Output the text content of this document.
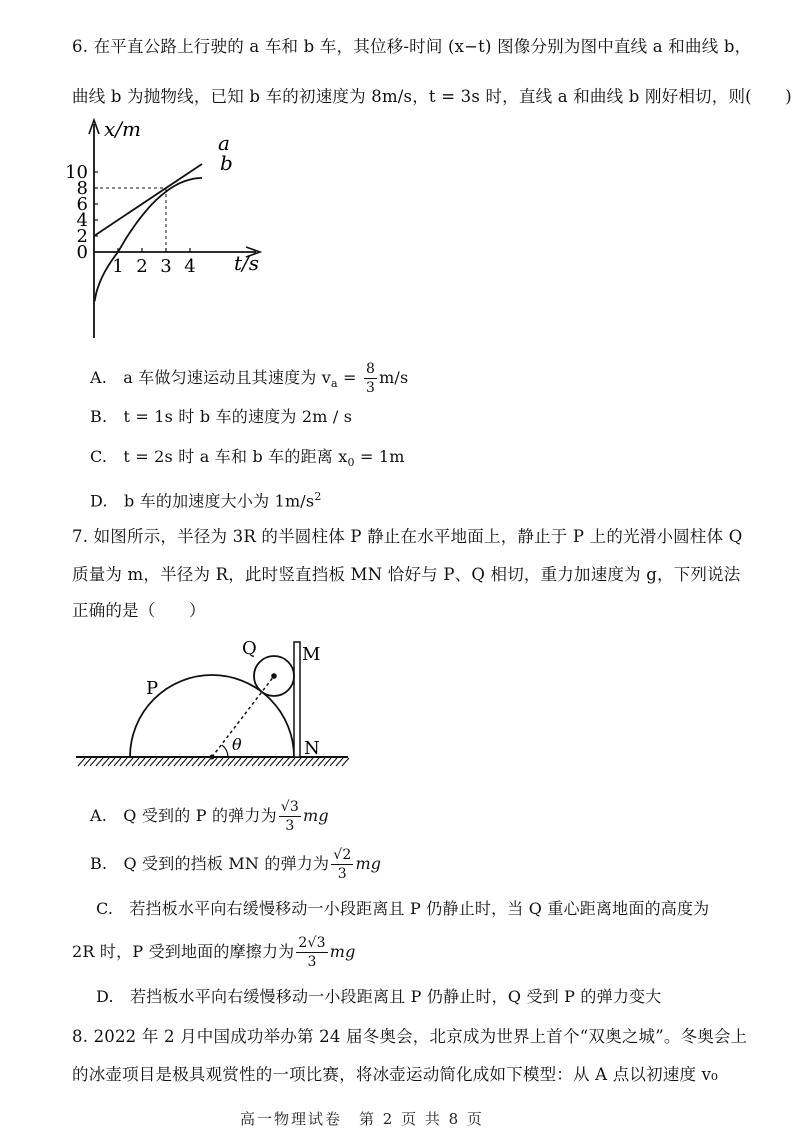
6. 在平直公路上行驶的 a 车和 b 车，其位移-时间 (x−t) 图像分别为图中直线 a 和曲线 b，
曲线 b 为抛物线，已知 b 车的初速度为 8m/s，t = 3s 时，直线 a 和曲线 b 刚好相切，则(　　)
0
2
4
6
8
10
1 2 3 4
x/m
t/s
a
b
A.　a 车做匀速运动且其速度为 $v_a = \frac{8}{3} m/s$
B.　t = 1s 时 b 车的速度为 2m / s
C.　t = 2s 时 a 车和 b 车的距离 $x_0 = 1m$
D.　b 车的加速度大小为 $1m/s^2$
7. 如图所示，半径为 3R 的半圆柱体 P 静止在水平地面上，静止于 P 上的光滑小圆柱体 Q
质量为 m，半径为 R，此时竖直挡板 MN 恰好与 P、Q 相切，重力加速度为 g，下列说法
正确的是（　　）
P
Q	M
N
θ
A.　Q 受到的 P 的弹力为 $\frac{√3}{3}$ mg
B.　Q 受到的挡板 MN 的弹力为 $\frac{√2}{3}$ mg
C.　若挡板水平向右缓慢移动一小段距离且 P 仍静止时，当 Q 重心距离地面的高度为
2R 时，P 受到地面的摩擦力为 $\frac{2√3}{3}$ mg
D.　若挡板水平向右缓慢移动一小段距离且 P 仍静止时，Q 受到 P 的弹力变大
8. 2022 年 2 月中国成功举办第 24 届冬奥会，北京成为世界上首个“双奥之城”。冬奥会上
的冰壶项目是极具观赏性的一项比赛，将冰壶运动简化成如下模型：从 A 点以初速度 v₀
高一物理试卷　第 2 页 共 8 页
